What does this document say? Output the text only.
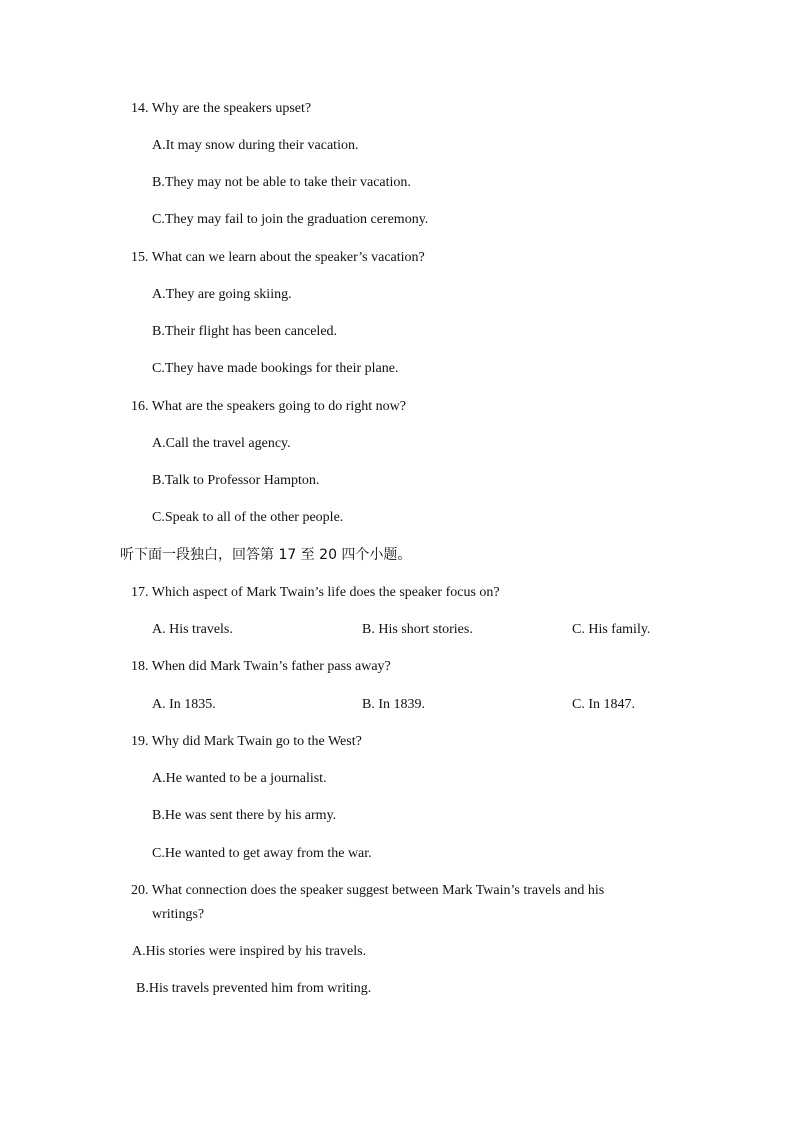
14. Why are the speakers upset?
A.It may snow during their vacation.
B.They may not be able to take their vacation.
C.They may fail to join the graduation ceremony.
15. What can we learn about the speaker’s vacation?
A.They are going skiing.
B.Their flight has been canceled.
C.They have made bookings for their plane.
16. What are the speakers going to do right now?
A.Call the travel agency.
B.Talk to Professor Hampton.
C.Speak to all of the other people.
听下面一段独白，回答第 17 至 20 四个小题。
17. Which aspect of Mark Twain’s life does the speaker focus on?
A. His travels.	B. His short stories.	C. His family.
18. When did Mark Twain’s father pass away?
A. In 1835.	B. In 1839.	C. In 1847.
19. Why did Mark Twain go to the West?
A.He wanted to be a journalist.
B.He was sent there by his army.
C.He wanted to get away from the war.
20. What connection does the speaker suggest between Mark Twain’s travels and his
writings?
A.His stories were inspired by his travels.
B.His travels prevented him from writing.
